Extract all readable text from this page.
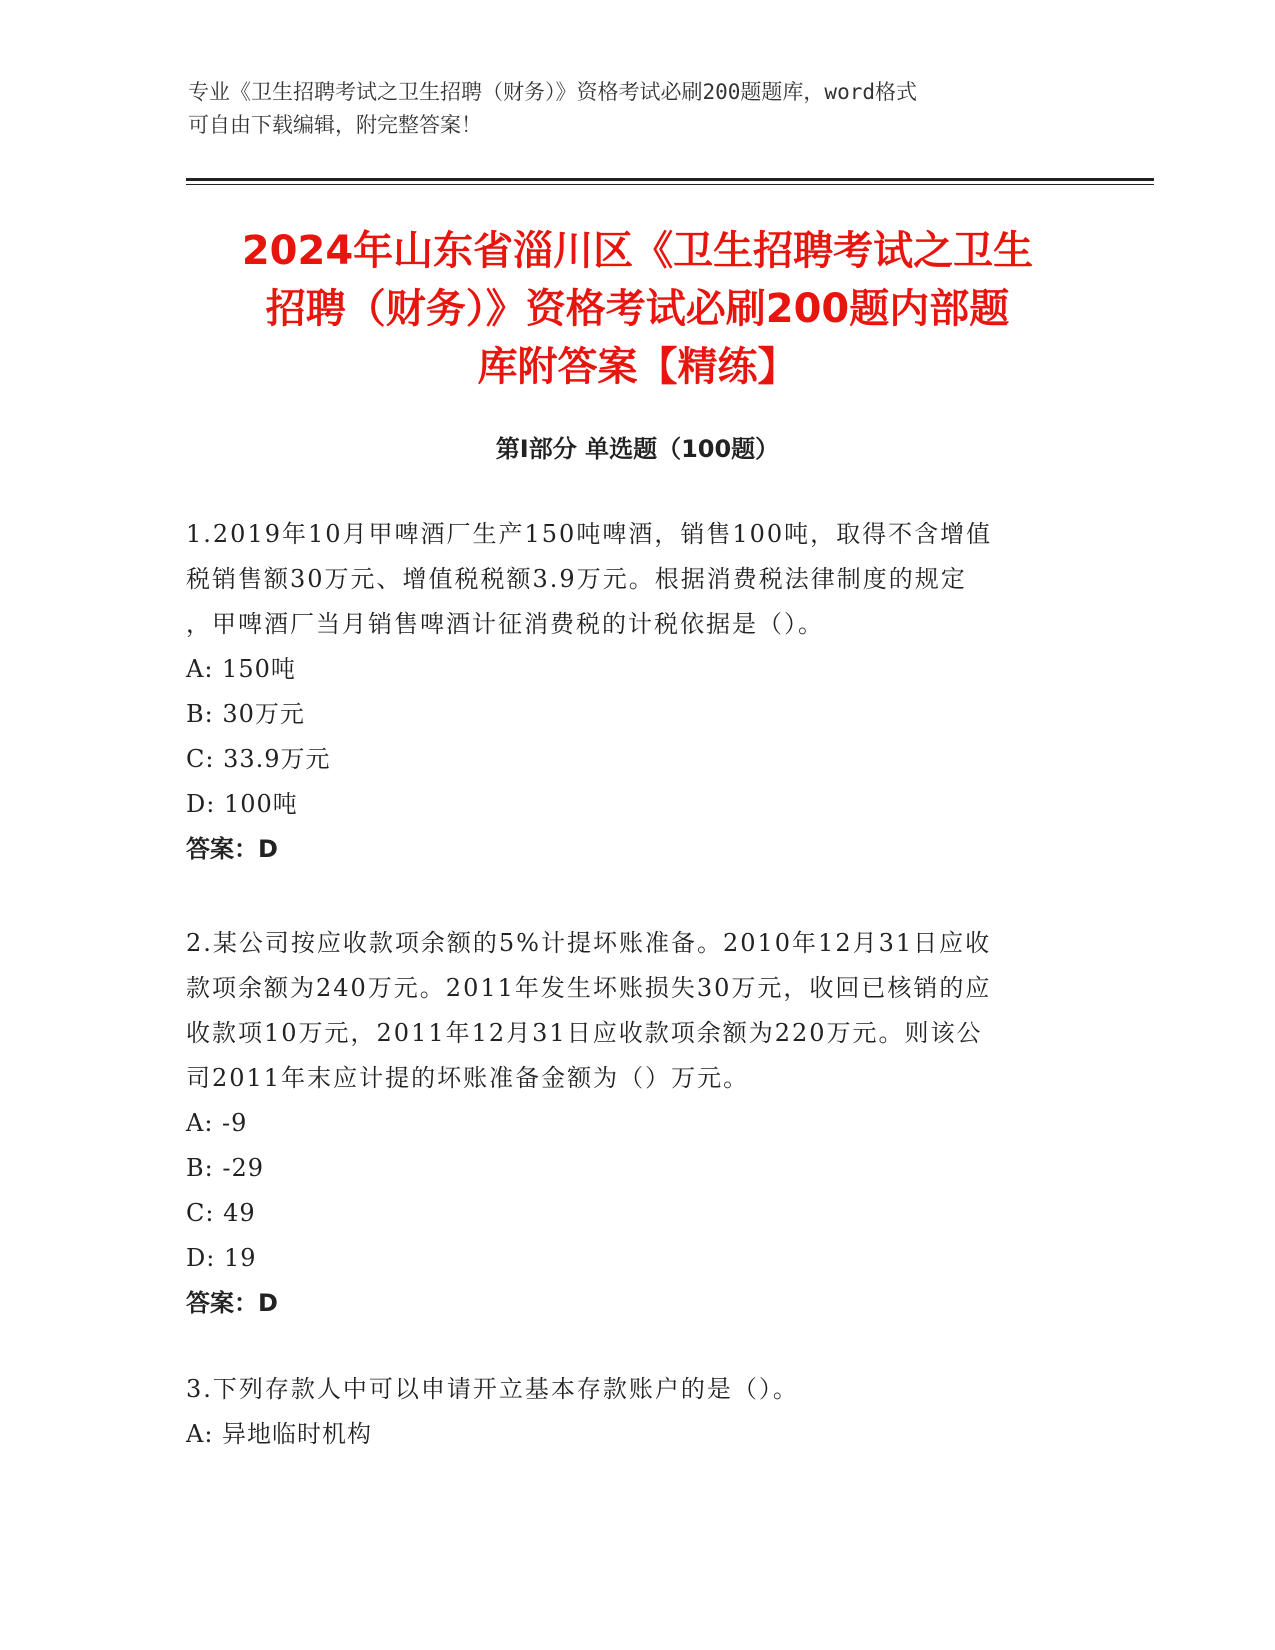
专业《卫生招聘考试之卫生招聘（财务）》资格考试必刷200题题库，word格式
可自由下载编辑，附完整答案！
2024年山东省淄川区《卫生招聘考试之卫生
招聘（财务）》资格考试必刷200题内部题
库附答案【精练】
第I部分 单选题（100题）
1.2019年10月甲啤酒厂生产150吨啤酒，销售100吨，取得不含增值
税销售额30万元、增值税税额3.9万元。根据消费税法律制度的规定
，甲啤酒厂当月销售啤酒计征消费税的计税依据是（）。
A: 150吨
B: 30万元
C: 33.9万元
D: 100吨
答案：D
2.某公司按应收款项余额的5%计提坏账准备。2010年12月31日应收
款项余额为240万元。2011年发生坏账损失30万元，收回已核销的应
收款项10万元，2011年12月31日应收款项余额为220万元。则该公
司2011年末应计提的坏账准备金额为（）万元。
A: -9
B: -29
C: 49
D: 19
答案：D
3.下列存款人中可以申请开立基本存款账户的是（）。
A: 异地临时机构
